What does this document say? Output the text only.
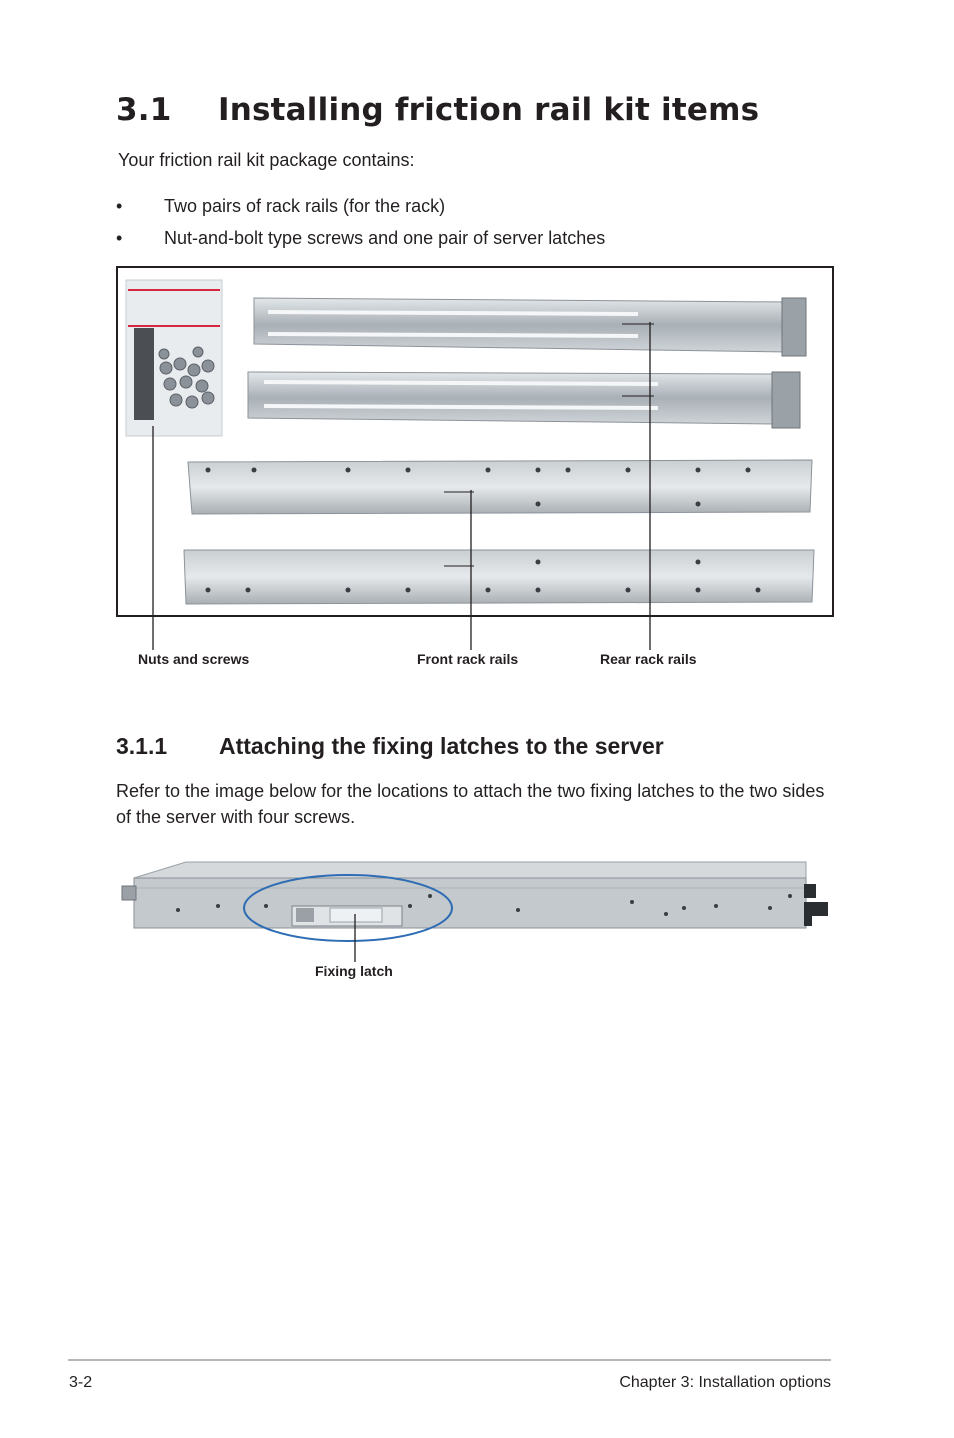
3.1 Installing friction rail kit items
Your friction rail kit package contains:
• Two pairs of rack rails (for the rack)
• Nut-and-bolt type screws and one pair of server latches
Nuts and screws	Front rack rails	Rear rack rails
3.1.1 Attaching the fixing latches to the server
Refer to the image below for the locations to attach the two fixing latches to the two sides of the server with four screws.
Fixing latch
3-2	Chapter 3: Installation options
